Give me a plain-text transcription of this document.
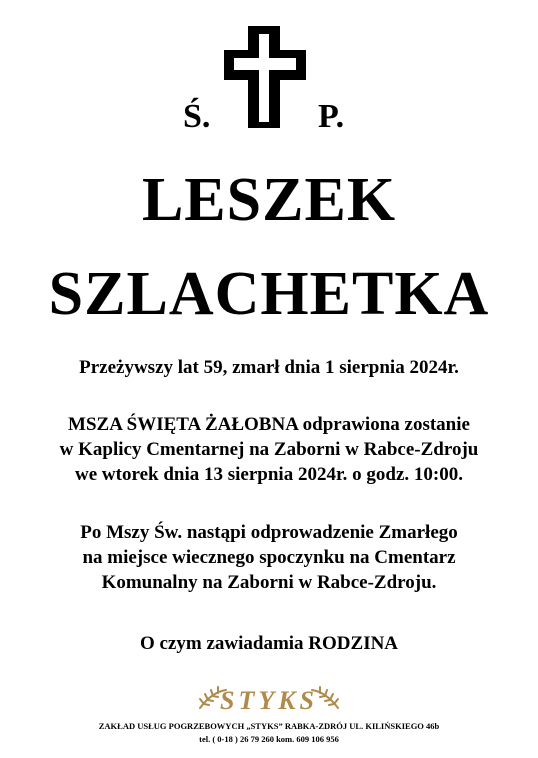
Ś.	P.
LESZEK
SZLACHETKA
Przeżywszy lat 59, zmarł dnia 1 sierpnia 2024r.
MSZA ŚWIĘTA ŻAŁOBNA odprawiona zostanie
w Kaplicy Cmentarnej na Zaborni w Rabce-Zdroju
we wtorek dnia 13 sierpnia 2024r. o godz. 10:00.
Po Mszy Św. nastąpi odprowadzenie Zmarłego
na miejsce wiecznego spoczynku na Cmentarz
Komunalny na Zaborni w Rabce-Zdroju.
O czym zawiadamia RODZINA
STYKS
ZAKŁAD USŁUG POGRZEBOWYCH „STYKS” RABKA-ZDRÓJ UL. KILIŃSKIEGO 46b
tel. ( 0-18 ) 26 79 260 kom. 609 106 956
